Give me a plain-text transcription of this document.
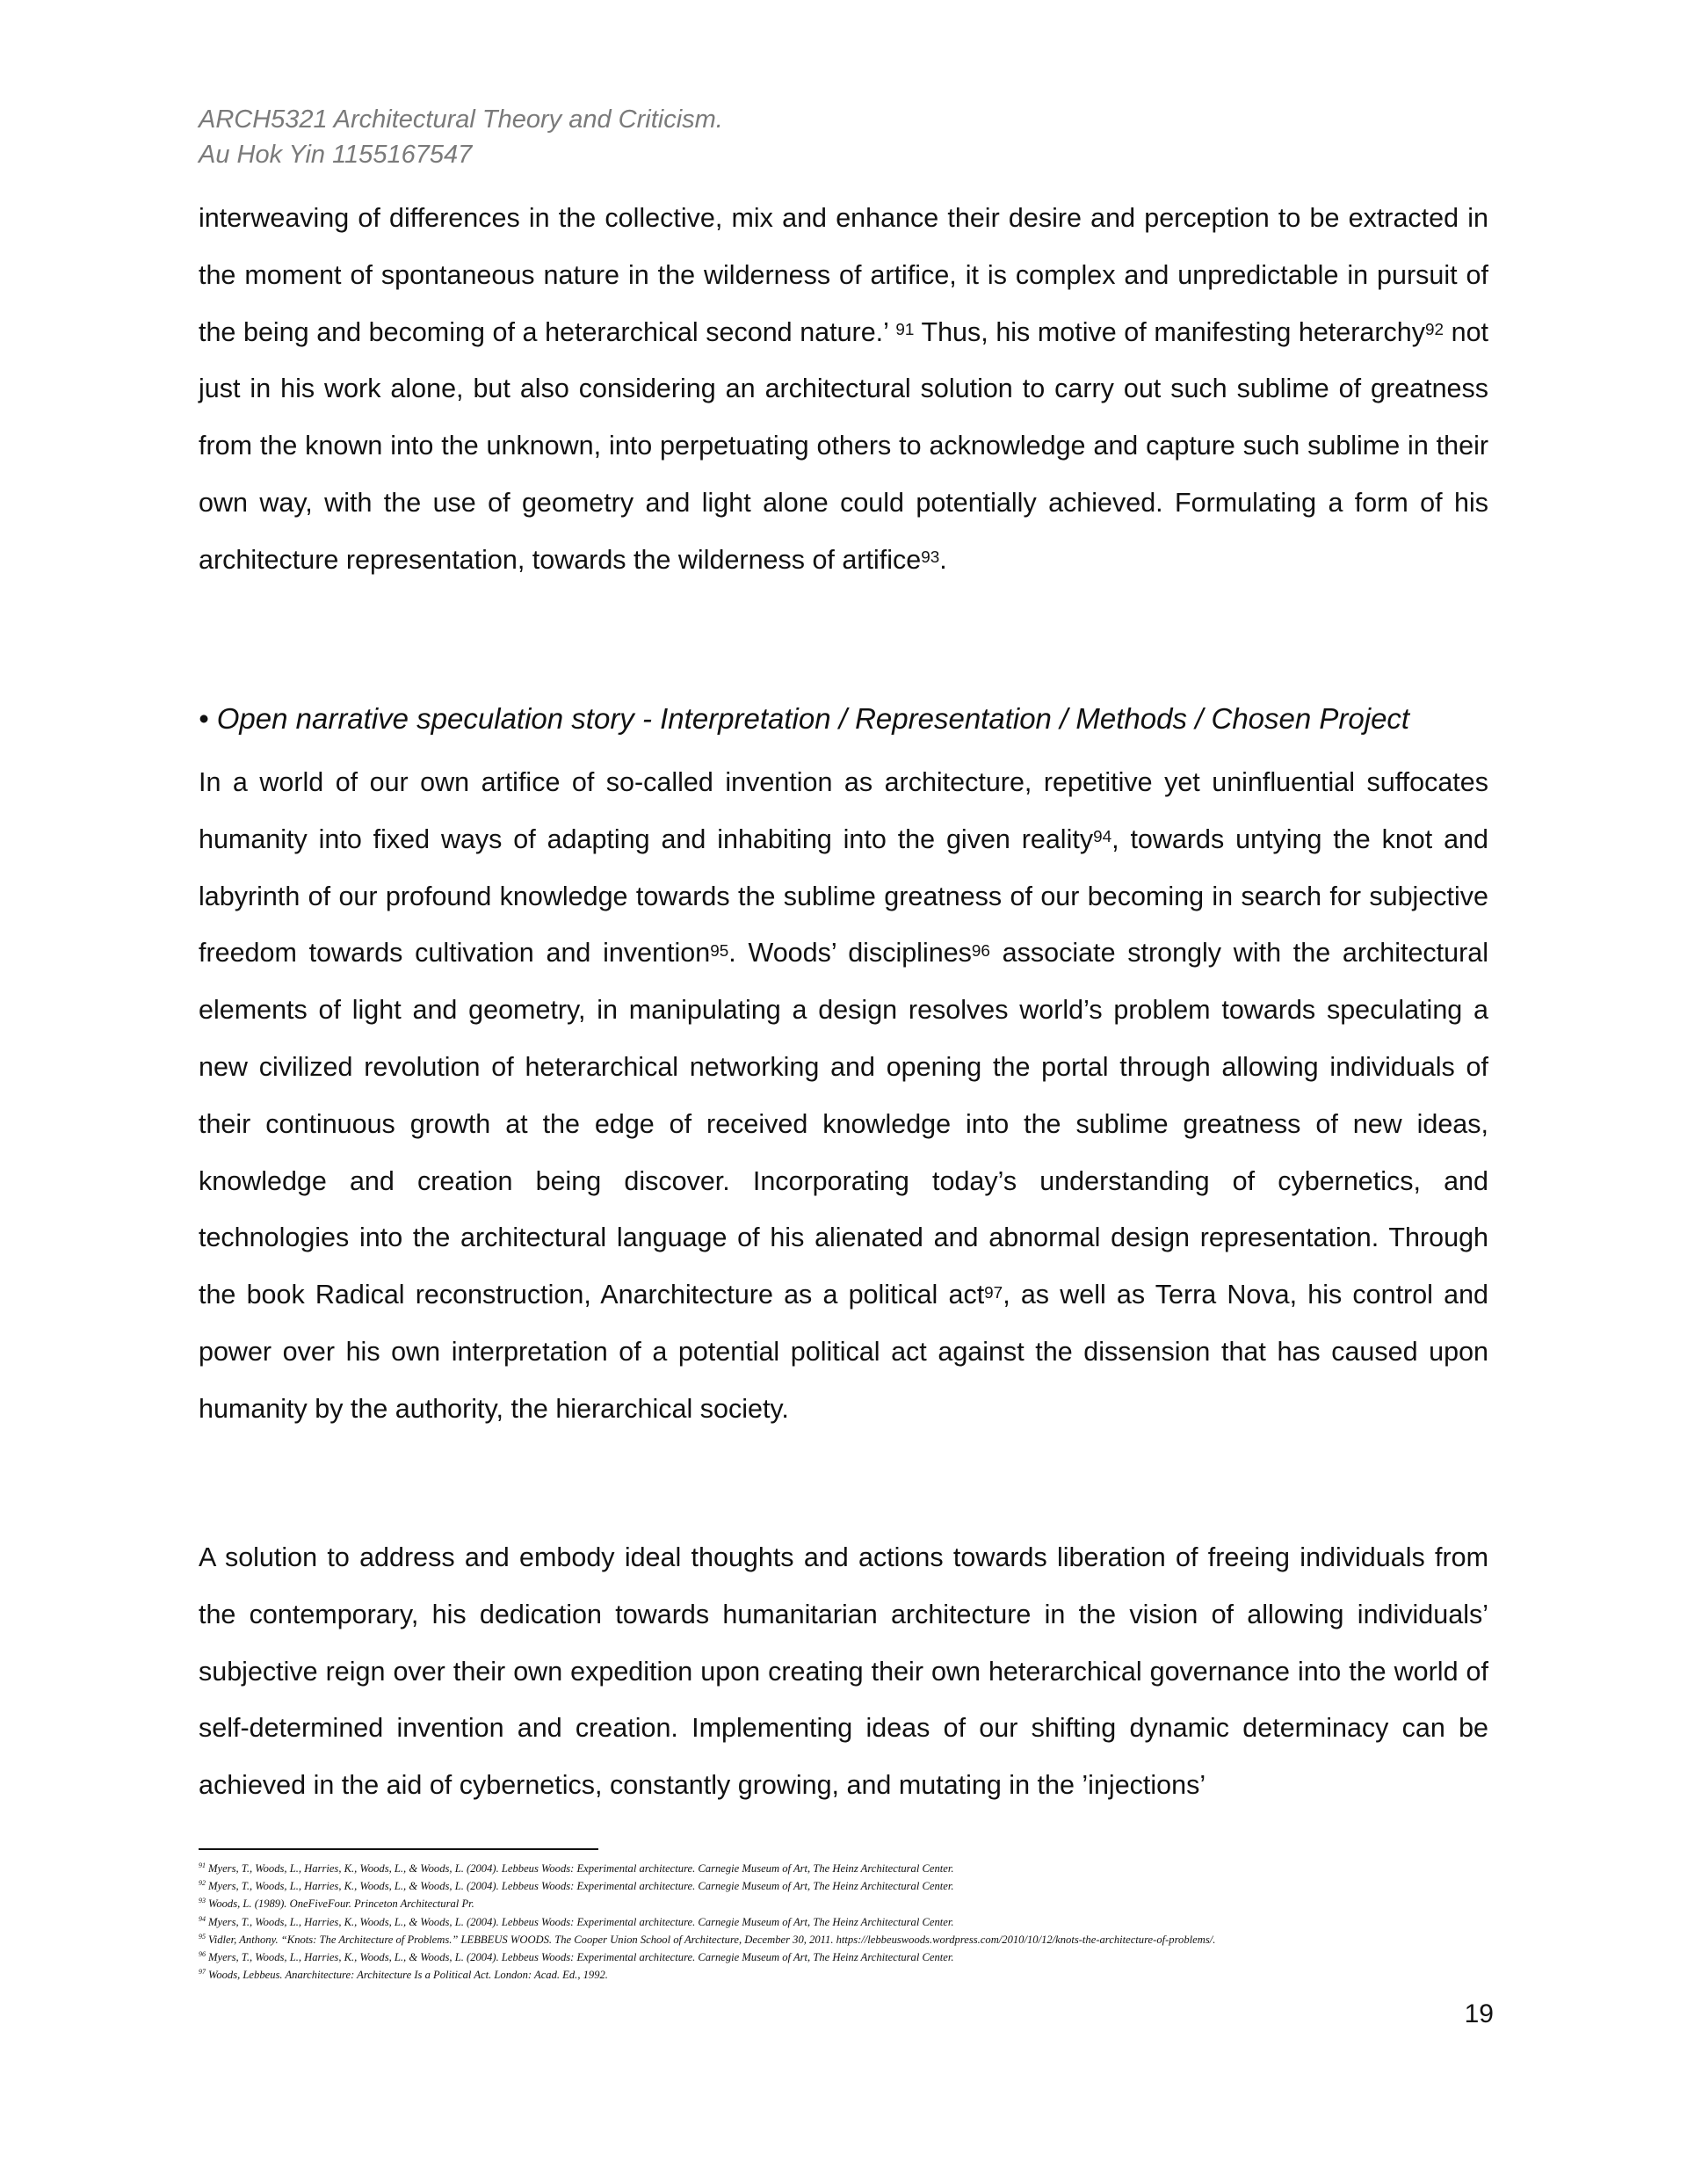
ARCH5321 Architectural Theory and Criticism.
Au Hok Yin 1155167547

interweaving of differences in the collective, mix and enhance their desire and perception to be extracted in the moment of spontaneous nature in the wilderness of artifice, it is complex and unpredictable in pursuit of the being and becoming of a heterarchical second nature.’ $^{91}$ Thus, his motive of manifesting heterarchy$^{92}$ not just in his work alone, but also considering an architectural solution to carry out such sublime of greatness from the known into the unknown, into perpetuating others to acknowledge and capture such sublime in their own way, with the use of geometry and light alone could potentially achieved. Formulating a form of his architecture representation, towards the wilderness of artifice$^{93}$.

• Open narrative speculation story - Interpretation / Representation / Methods / Chosen Project

In a world of our own artifice of so-called invention as architecture, repetitive yet uninfluential suffocates humanity into fixed ways of adapting and inhabiting into the given reality$^{94}$, towards untying the knot and labyrinth of our profound knowledge towards the sublime greatness of our becoming in search for subjective freedom towards cultivation and invention$^{95}$. Woods’ disciplines$^{96}$ associate strongly with the architectural elements of light and geometry, in manipulating a design resolves world’s problem towards speculating a new civilized revolution of heterarchical networking and opening the portal through allowing individuals of their continuous growth at the edge of received knowledge into the sublime greatness of new ideas, knowledge and creation being discover. Incorporating today’s understanding of cybernetics, and technologies into the architectural language of his alienated and abnormal design representation. Through the book Radical reconstruction, Anarchitecture as a political act$^{97}$, as well as Terra Nova, his control and power over his own interpretation of a potential political act against the dissension that has caused upon humanity by the authority, the hierarchical society.

A solution to address and embody ideal thoughts and actions towards liberation of freeing individuals from the contemporary, his dedication towards humanitarian architecture in the vision of allowing individuals’ subjective reign over their own expedition upon creating their own heterarchical governance into the world of self-determined invention and creation. Implementing ideas of our shifting dynamic determinacy can be achieved in the aid of cybernetics, constantly growing, and mutating in the ’injections’

$^{91}$ Myers, T., Woods, L., Harries, K., Woods, L., & Woods, L. (2004). Lebbeus Woods: Experimental architecture. Carnegie Museum of Art, The Heinz Architectural Center.
$^{92}$ Myers, T., Woods, L., Harries, K., Woods, L., & Woods, L. (2004). Lebbeus Woods: Experimental architecture. Carnegie Museum of Art, The Heinz Architectural Center.
$^{93}$ Woods, L. (1989). OneFiveFour. Princeton Architectural Pr.
$^{94}$ Myers, T., Woods, L., Harries, K., Woods, L., & Woods, L. (2004). Lebbeus Woods: Experimental architecture. Carnegie Museum of Art, The Heinz Architectural Center.
$^{95}$ Vidler, Anthony. “Knots: The Architecture of Problems.” LEBBEUS WOODS. The Cooper Union School of Architecture, December 30, 2011. https://lebbeuswoods.wordpress.com/2010/10/12/knots-the-architecture-of-problems/.
$^{96}$ Myers, T., Woods, L., Harries, K., Woods, L., & Woods, L. (2004). Lebbeus Woods: Experimental architecture. Carnegie Museum of Art, The Heinz Architectural Center.
$^{97}$ Woods, Lebbeus. Anarchitecture: Architecture Is a Political Act. London: Acad. Ed., 1992.
19
